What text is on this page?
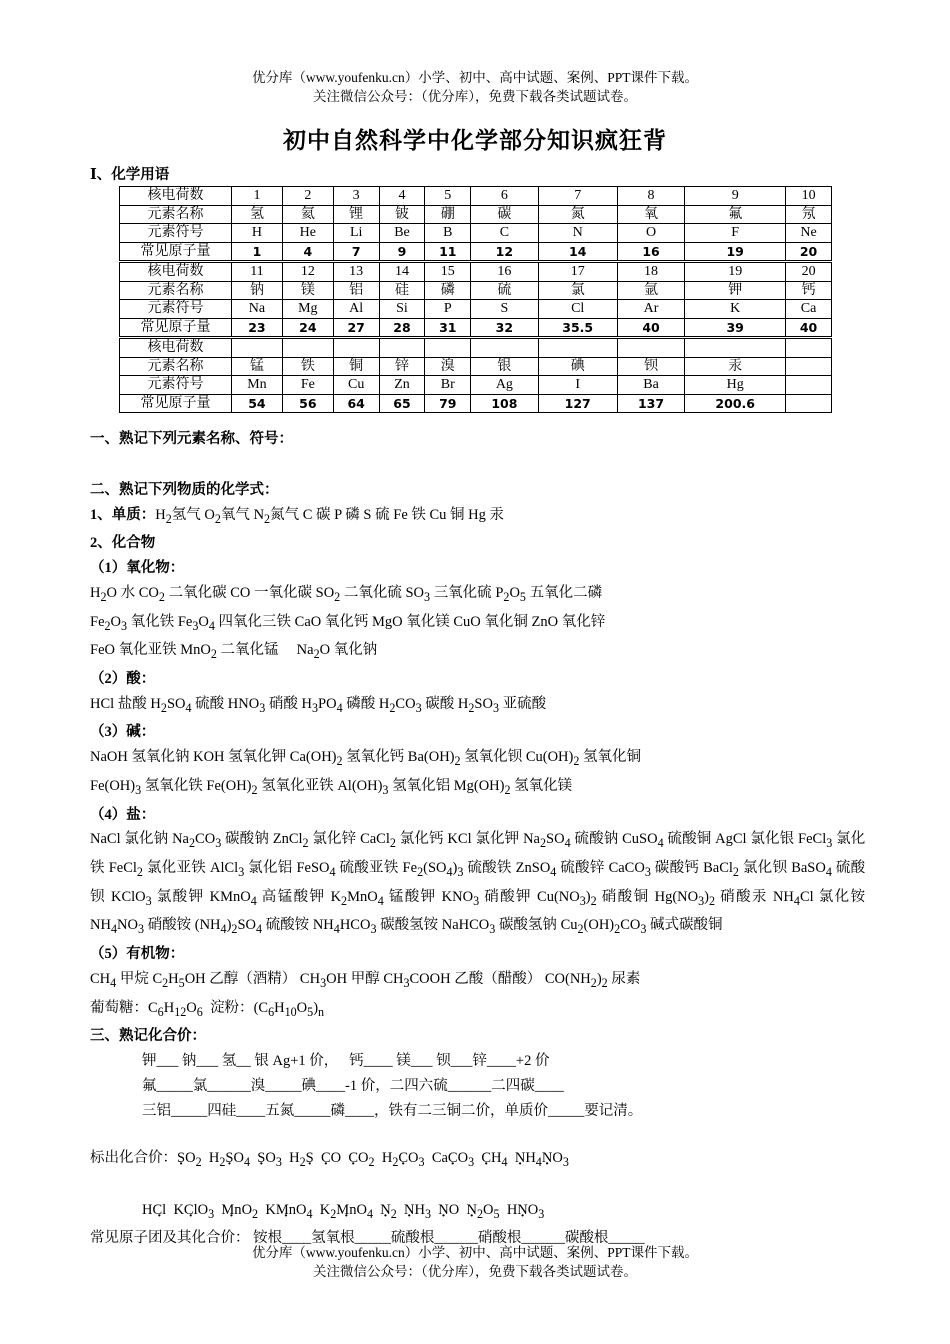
优分库（www.youfenku.cn）小学、初中、高中试题、案例、PPT课件下载。
关注微信公众号：（优分库），免费下载各类试题试卷。
初中自然科学中化学部分知识疯狂背
Ⅰ、化学用语
核电荷数	1	2	3	4	5	6	7	8	9	10
元素名称	氢	氦	锂	铍	硼	碳	氮	氧	氟	氖
元素符号	H	He	Li	Be	B	C	N	O	F	Ne
常见原子量	1	4	7	9	11	12	14	16	19	20
核电荷数	11	12	13	14	15	16	17	18	19	20
元素名称	钠	镁	铝	硅	磷	硫	氯	氩	钾	钙
元素符号	Na	Mg	Al	Si	P	S	Cl	Ar	K	Ca
常见原子量	23	24	27	28	31	32	35.5	40	39	40
核电荷数										
元素名称	锰	铁	铜	锌	溴	银	碘	钡	汞	
元素符号	Mn	Fe	Cu	Zn	Br	Ag	I	Ba	Hg	
常见原子量	54	56	64	65	79	108	127	137	200.6	
一、熟记下列元素名称、符号：
二、熟记下列物质的化学式：
1、单质：$H_2$氢气 $O_2$氧气 $N_2$氮气 C 碳 P 磷 S 硫 Fe 铁 Cu 铜 Hg 汞
2、化合物
（1）氧化物：
$H_2O$ 水 $CO_2$ 二氧化碳 CO 一氧化碳 $SO_2$ 二氧化硫 $SO_3$ 三氧化硫 $P_2O_5$ 五氧化二磷
$Fe_2O_3$ 氧化铁 $Fe_3O_4$ 四氧化三铁 CaO 氧化钙 MgO 氧化镁 CuO 氧化铜 ZnO 氧化锌
FeO 氧化亚铁 MnO$_2$ 二氧化锰     $Na_2O$ 氧化钠
（2）酸：
HCl 盐酸 $H_2SO_4$ 硫酸 $HNO_3$ 硝酸 $H_3PO_4$ 磷酸 $H_2CO_3$ 碳酸 $H_2SO_3$ 亚硫酸
（3）碱：
NaOH 氢氧化钠 KOH 氢氧化钾 $Ca(OH)_2$ 氢氧化钙 $Ba(OH)_2$ 氢氧化钡 $Cu(OH)_2$ 氢氧化铜
$Fe(OH)_3$ 氢氧化铁 $Fe(OH)_2$ 氢氧化亚铁 $Al(OH)_3$ 氢氧化铝 $Mg(OH)_2$ 氢氧化镁
（4）盐：
NaCl 氯化钠 $Na_2CO_3$ 碳酸钠 ZnCl$_2$ 氯化锌 CaCl$_2$ 氯化钙 KCl 氯化钾 $Na_2SO_4$ 硫酸钠 CuSO$_4$ 硫酸铜 AgCl 氯化银 FeCl$_3$ 氯化铁 FeCl$_2$ 氯化亚铁 AlCl$_3$ 氯化铝 FeSO$_4$ 硫酸亚铁 $Fe_2(SO_4)_3$ 硫酸铁 ZnSO$_4$ 硫酸锌 CaCO$_3$ 碳酸钙 BaCl$_2$ 氯化钡 BaSO$_4$ 硫酸钡 KClO$_3$ 氯酸钾 KMnO$_4$ 高锰酸钾 $K_2MnO_4$ 锰酸钾 $KNO_3$ 硝酸钾 $Cu(NO_3)_2$ 硝酸铜 $Hg(NO_3)_2$ 硝酸汞 $NH_4Cl$ 氯化铵 $NH_4NO_3$ 硝酸铵 $(NH_4)_2SO_4$ 硫酸铵 $NH_4HCO_3$ 碳酸氢铵 NaHCO$_3$ 碳酸氢钠 $Cu_2(OH)_2CO_3$ 碱式碳酸铜
（5）有机物：
$CH_4$ 甲烷 $C_2H_5OH$ 乙醇（酒精） $CH_3OH$ 甲醇 $CH_3COOH$ 乙酸（醋酸） $CO(NH_2)_2$ 尿素
葡萄糖：$C_6H_{12}O_6$ 淀粉：$(C_6H_{10}O_5)_n$
三、熟记化合价：
钾___ 钠___ 氢__ 银 Ag+1 价， 钙____ 镁___ 钡___锌____+2 价
氟_____氯______溴_____碘____-1 价，二四六硫______二四碳____
三铝_____四硅____五氮_____磷____，铁有二三铜二价，单质价_____要记清。
标出化合价：$S \cdot O_2$  $H_2S \cdot O_4$ $S \cdot O_3$  $H_2S \cdot C \cdot O$  $C \cdot O_2$  $H_2C \cdot O_3$  CaC $\cdot O_3$ $C \cdot H_4$ $N \cdot H_4N \cdot O_3$
HCl ·  KCl $\cdot O_3$ $Mn \cdot O_2$  KMn $\cdot O_4$  $K_2Mn \cdot O_4$ $N \cdot_2$ $N \cdot H_3$ N ·O  $N \cdot_2O_5$  HN $\cdot O_3$
常见原子团及其化合价： 铵根____氢氧根_____硫酸根______硝酸根______碳酸根_____
优分库（www.youfenku.cn）小学、初中、高中试题、案例、PPT课件下载。
关注微信公众号：（优分库），免费下载各类试题试卷。
